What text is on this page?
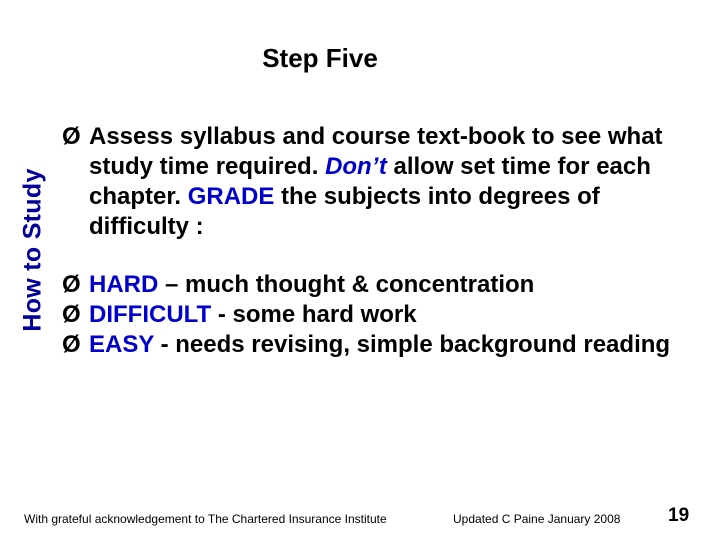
Step Five
How to Study
Ø Assess syllabus and course text-book to see what study time required. Don’t allow set time for each chapter. GRADE the subjects into degrees of difficulty :
Ø HARD – much thought & concentration
Ø DIFFICULT - some hard work
Ø EASY - needs revising, simple background reading
With grateful acknowledgement to The Chartered Insurance Institute	Updated C Paine January 2008	19
